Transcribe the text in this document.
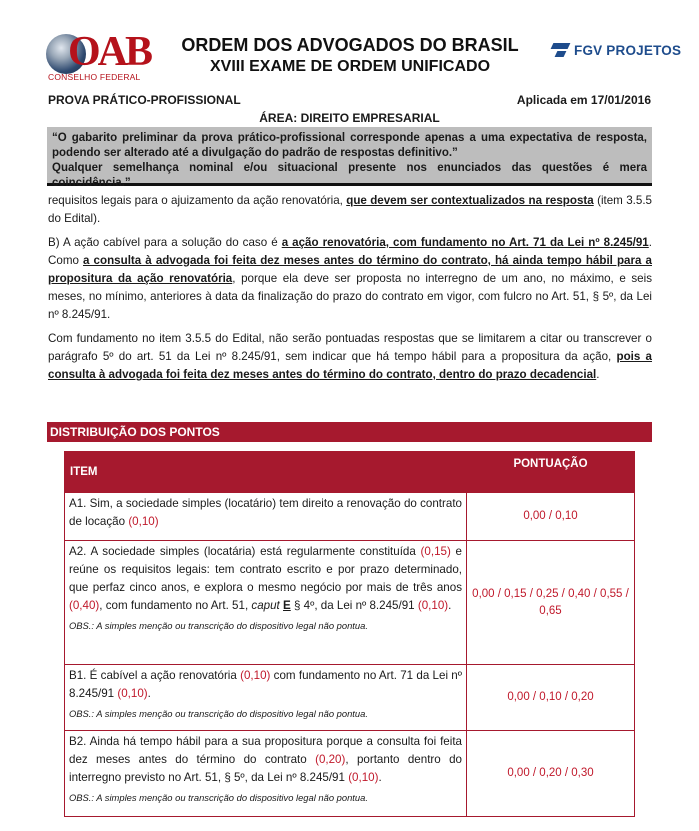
OAB
CONSELHO FEDERAL
ORDEM DOS ADVOGADOS DO BRASIL
XVIII EXAME DE ORDEM UNIFICADO
FGV PROJETOS
PROVA PRÁTICO-PROFISSIONAL	Aplicada em 17/01/2016
ÁREA: DIREITO EMPRESARIAL

“O gabarito preliminar da prova prático-profissional corresponde apenas a uma expectativa de resposta, podendo ser alterado até a divulgação do padrão de respostas definitivo.”

Qualquer semelhança nominal e/ou situacional presente nos enunciados das questões é mera coincidência.”

requisitos legais para o ajuizamento da ação renovatória, que devem ser contextualizados na resposta (item 3.5.5 do Edital).
B) A ação cabível para a solução do caso é a ação renovatória, com fundamento no Art. 71 da Lei nº 8.245/91. Como a consulta à advogada foi feita dez meses antes do término do contrato, há ainda tempo hábil para a propositura da ação renovatória, porque ela deve ser proposta no interregno de um ano, no máximo, e seis meses, no mínimo, anteriores à data da finalização do prazo do contrato em vigor, com fulcro no Art. 51, § 5º, da Lei nº 8.245/91.
Com fundamento no item 3.5.5 do Edital, não serão pontuadas respostas que se limitarem a citar ou transcrever o parágrafo 5º do art. 51 da Lei nº 8.245/91, sem indicar que há tempo hábil para a propositura da ação, pois a consulta à advogada foi feita dez meses antes do término do contrato, dentro do prazo decadencial.
DISTRIBUIÇÃO DOS PONTOS
ITEM	PONTUAÇÃO
A1. Sim, a sociedade simples (locatário) tem direito a renovação do contrato de locação (0,10)	0,00 / 0,10
A2. A sociedade simples (locatária) está regularmente constituída (0,15) e reúne os requisitos legais: tem contrato escrito e por prazo determinado, que perfaz cinco anos, e explora o mesmo negócio por mais de três anos (0,40), com fundamento no Art. 51, caput E § 4º, da Lei nº 8.245/91 (0,10).
OBS.: A simples menção ou transcrição do dispositivo legal não pontua.	0,00 / 0,15 / 0,25 / 0,40 / 0,55 / 0,65
B1. É cabível a ação renovatória (0,10) com fundamento no Art. 71 da Lei nº 8.245/91 (0,10).
OBS.: A simples menção ou transcrição do dispositivo legal não pontua.	0,00 / 0,10 / 0,20
B2. Ainda há tempo hábil para a sua propositura porque a consulta foi feita dez meses antes do término do contrato (0,20), portanto dentro do interregno previsto no Art. 51, § 5º, da Lei nº 8.245/91 (0,10).
OBS.: A simples menção ou transcrição do dispositivo legal não pontua.	0,00 / 0,20 / 0,30
